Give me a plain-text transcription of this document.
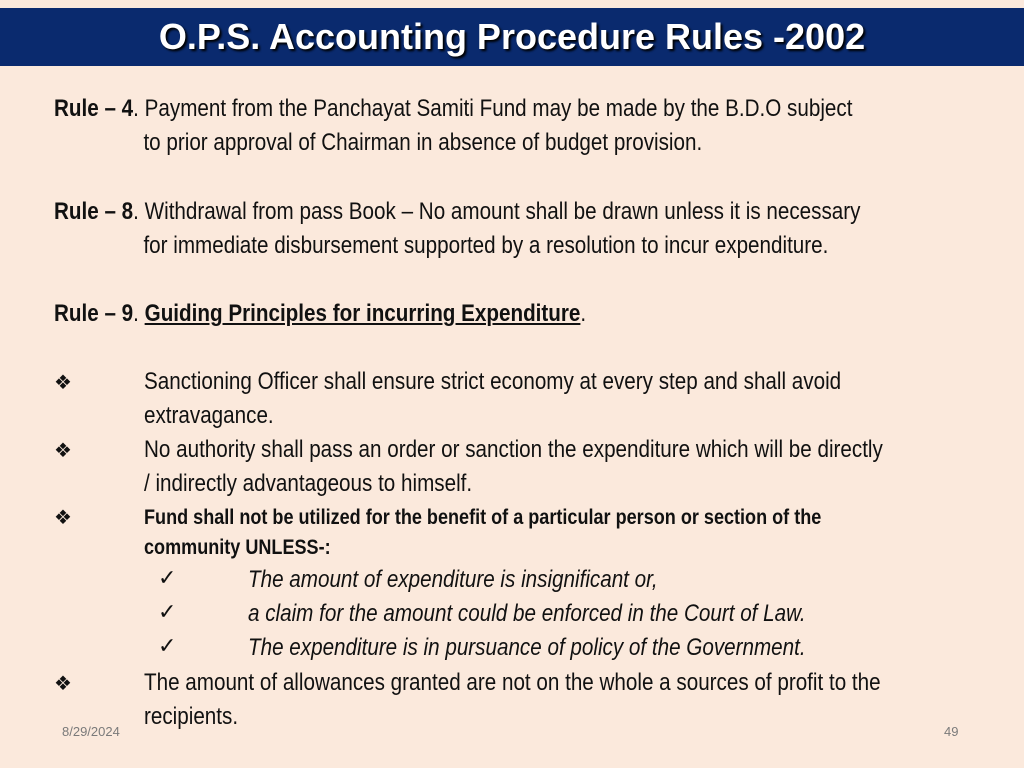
O.P.S. Accounting Procedure Rules -2002
Rule – 4. Payment from the Panchayat Samiti Fund may be made by the B.D.O subject
to prior approval of Chairman in absence of budget provision.
Rule – 8. Withdrawal from pass Book – No amount shall be drawn unless it is necessary
for immediate disbursement supported by a resolution to incur expenditure.
Rule – 9. Guiding Principles for incurring Expenditure.
❖	Sanctioning Officer shall ensure strict economy at every step and shall avoid
extravagance.
❖	No authority shall pass an order or sanction the expenditure which will be directly
/ indirectly advantageous to himself.
❖	Fund shall not be utilized for the benefit of a particular person or section of the
community UNLESS-:
✓	The amount of expenditure is insignificant or,
✓	a claim for the amount could be enforced in the Court of Law.
✓	The expenditure is in pursuance of policy of the Government.
❖	The amount of allowances granted are not on the whole a sources of profit to the
recipients.
8/29/2024	49
